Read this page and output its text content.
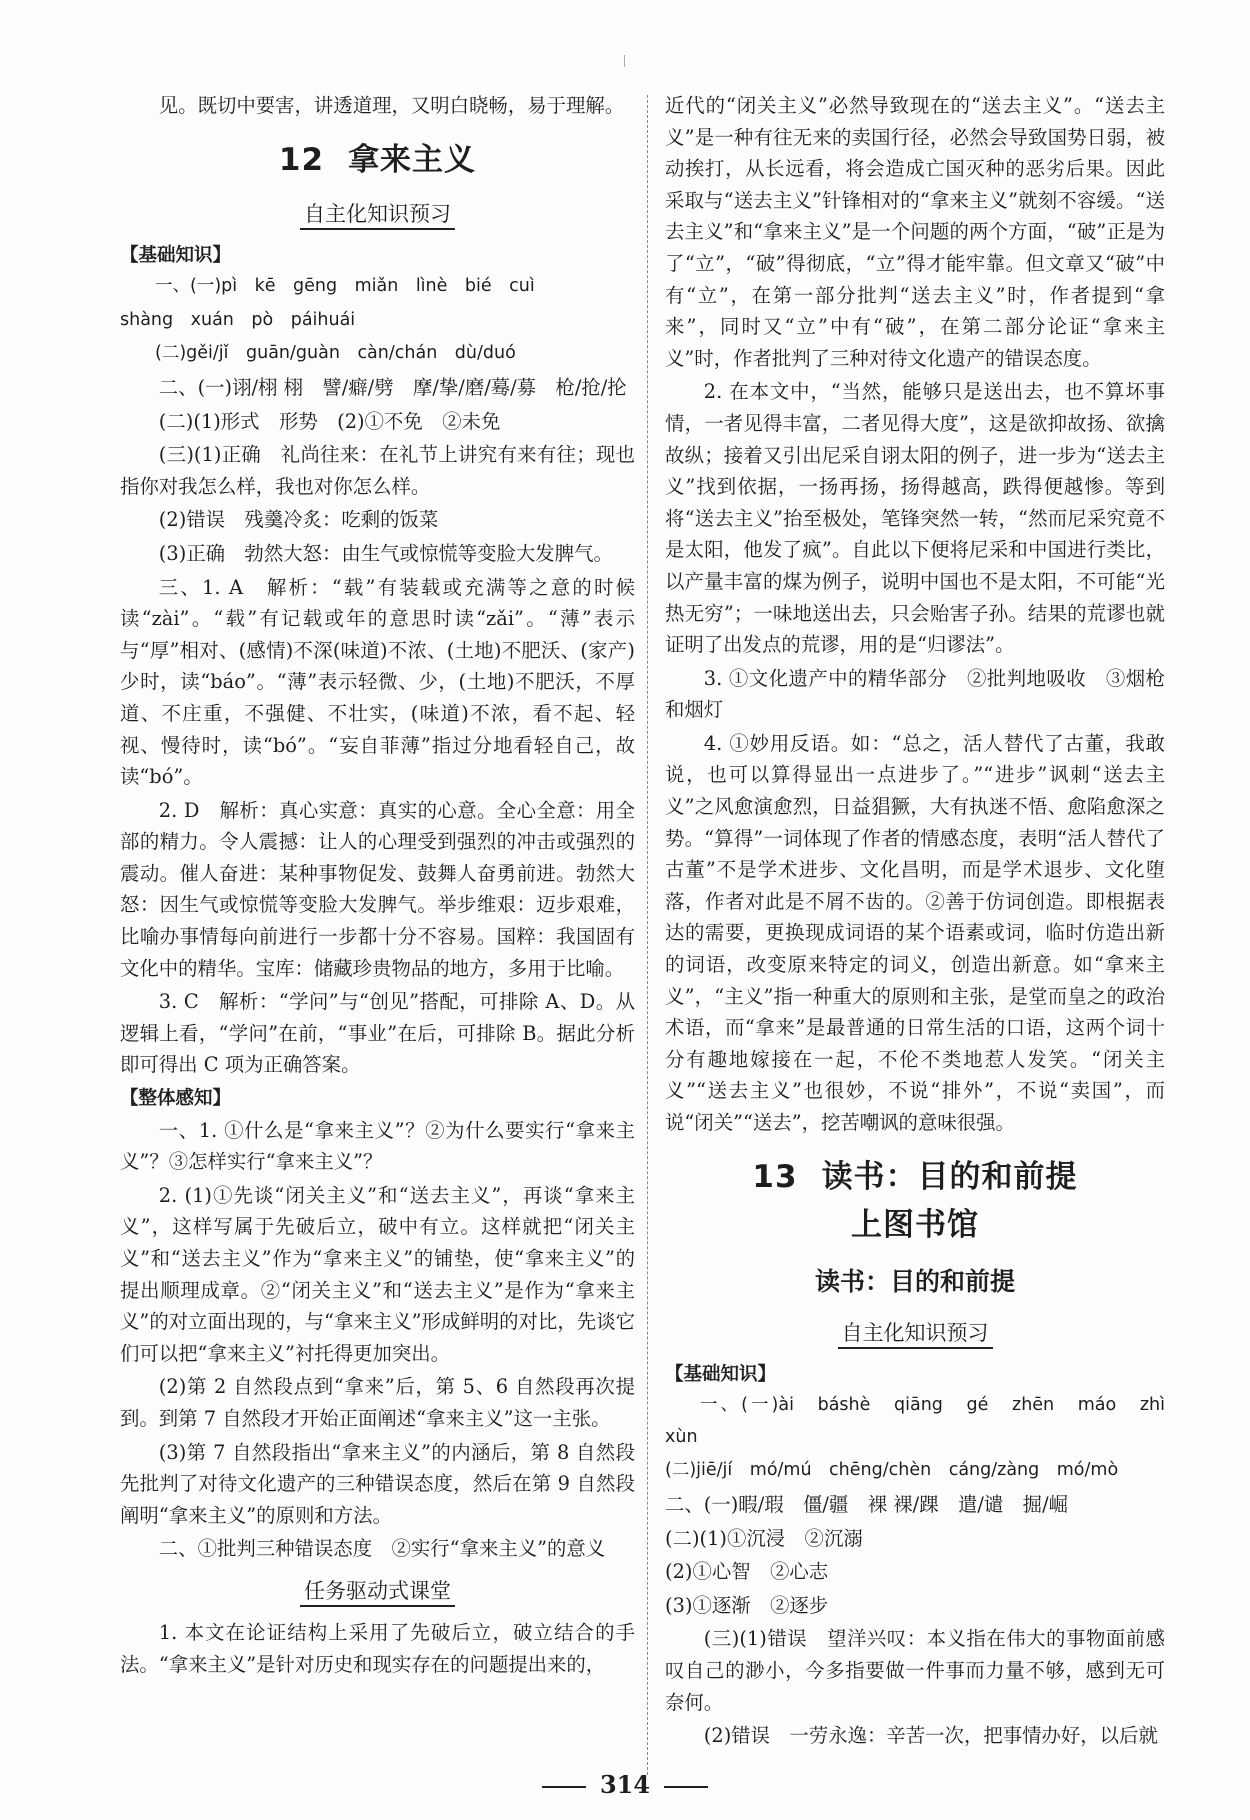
见。既切中要害，讲透道理，又明白晓畅，易于理解。

12 拿来主义
自主化知识预习
【基础知识】

一、(一)pì　kē　gēng　miǎn　lìnè　bié　cuì

shàng　xuán　pò　páihuái

(二)gěi/jǐ　guān/guàn　càn/chán　dù/duó

二、(一)诩/栩 栩　譬/癖/劈　摩/挚/磨/蓦/募　枪/抢/抡

(二)(1)形式　形势　(2)①不免　②未免

(三)(1)正确　礼尚往来：在礼节上讲究有来有往；现也指你对我怎么样，我也对你怎么样。

(2)错误　残羹冷炙：吃剩的饭菜

(3)正确　勃然大怒：由生气或惊慌等变脸大发脾气。

三、1. A　解析：“载”有装载或充满等之意的时候读“zài”。“载”有记载或年的意思时读“zǎi”。“薄”表示与“厚”相对、(感情)不深(味道)不浓、(土地)不肥沃、(家产)少时，读“báo”。“薄”表示轻微、少，(土地)不肥沃，不厚道、不庄重，不强健、不壮实，(味道)不浓，看不起、轻视、慢待时，读“bó”。“妄自菲薄”指过分地看轻自己，故读“bó”。

2. D　解析：真心实意：真实的心意。全心全意：用全部的精力。令人震撼：让人的心理受到强烈的冲击或强烈的震动。催人奋进：某种事物促发、鼓舞人奋勇前进。勃然大怒：因生气或惊慌等变脸大发脾气。举步维艰：迈步艰难，比喻办事情每向前进行一步都十分不容易。国粹：我国固有文化中的精华。宝库：储藏珍贵物品的地方，多用于比喻。

3. C　解析：“学问”与“创见”搭配，可排除 A、D。从逻辑上看，“学问”在前，“事业”在后，可排除 B。据此分析即可得出 C 项为正确答案。

【整体感知】

一、1. ①什么是“拿来主义”？②为什么要实行“拿来主义”？③怎样实行“拿来主义”？

2. (1)①先谈“闭关主义”和“送去主义”，再谈“拿来主义”，这样写属于先破后立，破中有立。这样就把“闭关主义”和“送去主义”作为“拿来主义”的铺垫，使“拿来主义”的提出顺理成章。②“闭关主义”和“送去主义”是作为“拿来主义”的对立面出现的，与“拿来主义”形成鲜明的对比，先谈它们可以把“拿来主义”衬托得更加突出。

(2)第 2 自然段点到“拿来”后，第 5、6 自然段再次提到。到第 7 自然段才开始正面阐述“拿来主义”这一主张。

(3)第 7 自然段指出“拿来主义”的内涵后，第 8 自然段先批判了对待文化遗产的三种错误态度，然后在第 9 自然段阐明“拿来主义”的原则和方法。

二、①批判三种错误态度　②实行“拿来主义”的意义

任务驱动式课堂

1. 本文在论证结构上采用了先破后立，破立结合的手法。“拿来主义”是针对历史和现实存在的问题提出来的，

近代的“闭关主义”必然导致现在的“送去主义”。“送去主义”是一种有往无来的卖国行径，必然会导致国势日弱，被动挨打，从长远看，将会造成亡国灭种的恶劣后果。因此采取与“送去主义”针锋相对的“拿来主义”就刻不容缓。“送去主义”和“拿来主义”是一个问题的两个方面，“破”正是为了“立”，“破”得彻底，“立”得才能牢靠。但文章又“破”中有“立”，在第一部分批判“送去主义”时，作者提到“拿来”，同时又“立”中有“破”，在第二部分论证“拿来主义”时，作者批判了三种对待文化遗产的错误态度。

2. 在本文中，“当然，能够只是送出去，也不算坏事情，一者见得丰富，二者见得大度”，这是欲抑故扬、欲擒故纵；接着又引出尼采自诩太阳的例子，进一步为“送去主义”找到依据，一扬再扬，扬得越高，跌得便越惨。等到将“送去主义”抬至极处，笔锋突然一转，“然而尼采究竟不是太阳，他发了疯”。自此以下便将尼采和中国进行类比，以产量丰富的煤为例子，说明中国也不是太阳，不可能“光热无穷”；一味地送出去，只会贻害子孙。结果的荒谬也就证明了出发点的荒谬，用的是“归谬法”。

3. ①文化遗产中的精华部分　②批判地吸收　③烟枪和烟灯

4. ①妙用反语。如：“总之，活人替代了古董，我敢说，也可以算得显出一点进步了。”“进步”讽刺“送去主义”之风愈演愈烈，日益猖獗，大有执迷不悟、愈陷愈深之势。“算得”一词体现了作者的情感态度，表明“活人替代了古董”不是学术进步、文化昌明，而是学术退步、文化堕落，作者对此是不屑不齿的。②善于仿词创造。即根据表达的需要，更换现成词语的某个语素或词，临时仿造出新的词语，改变原来特定的词义，创造出新意。如“拿来主义”，“主义”指一种重大的原则和主张，是堂而皇之的政治术语，而“拿来”是最普通的日常生活的口语，这两个词十分有趣地嫁接在一起，不伦不类地惹人发笑。“闭关主义”“送去主义”也很妙，不说“排外”，不说“卖国”，而说“闭关”“送去”，挖苦嘲讽的意味很强。

13 读书：目的和前提
上图书馆
读书：目的和前提
自主化知识预习
【基础知识】

一、(一)ài　báshè　qiāng　gé　zhēn　máo　zhì　xùn

(二)jiē/jí　mó/mú　chēng/chèn　cáng/zàng　mó/mò

二、(一)暇/瑕　僵/疆　裸 裸/踝　遣/谴　掘/崛

(二)(1)①沉浸　②沉溺

(2)①心智　②心志

(3)①逐渐　②逐步

(三)(1)错误　望洋兴叹：本义指在伟大的事物面前感叹自己的渺小，今多指要做一件事而力量不够，感到无可奈何。

(2)错误　一劳永逸：辛苦一次，把事情办好，以后就

314
